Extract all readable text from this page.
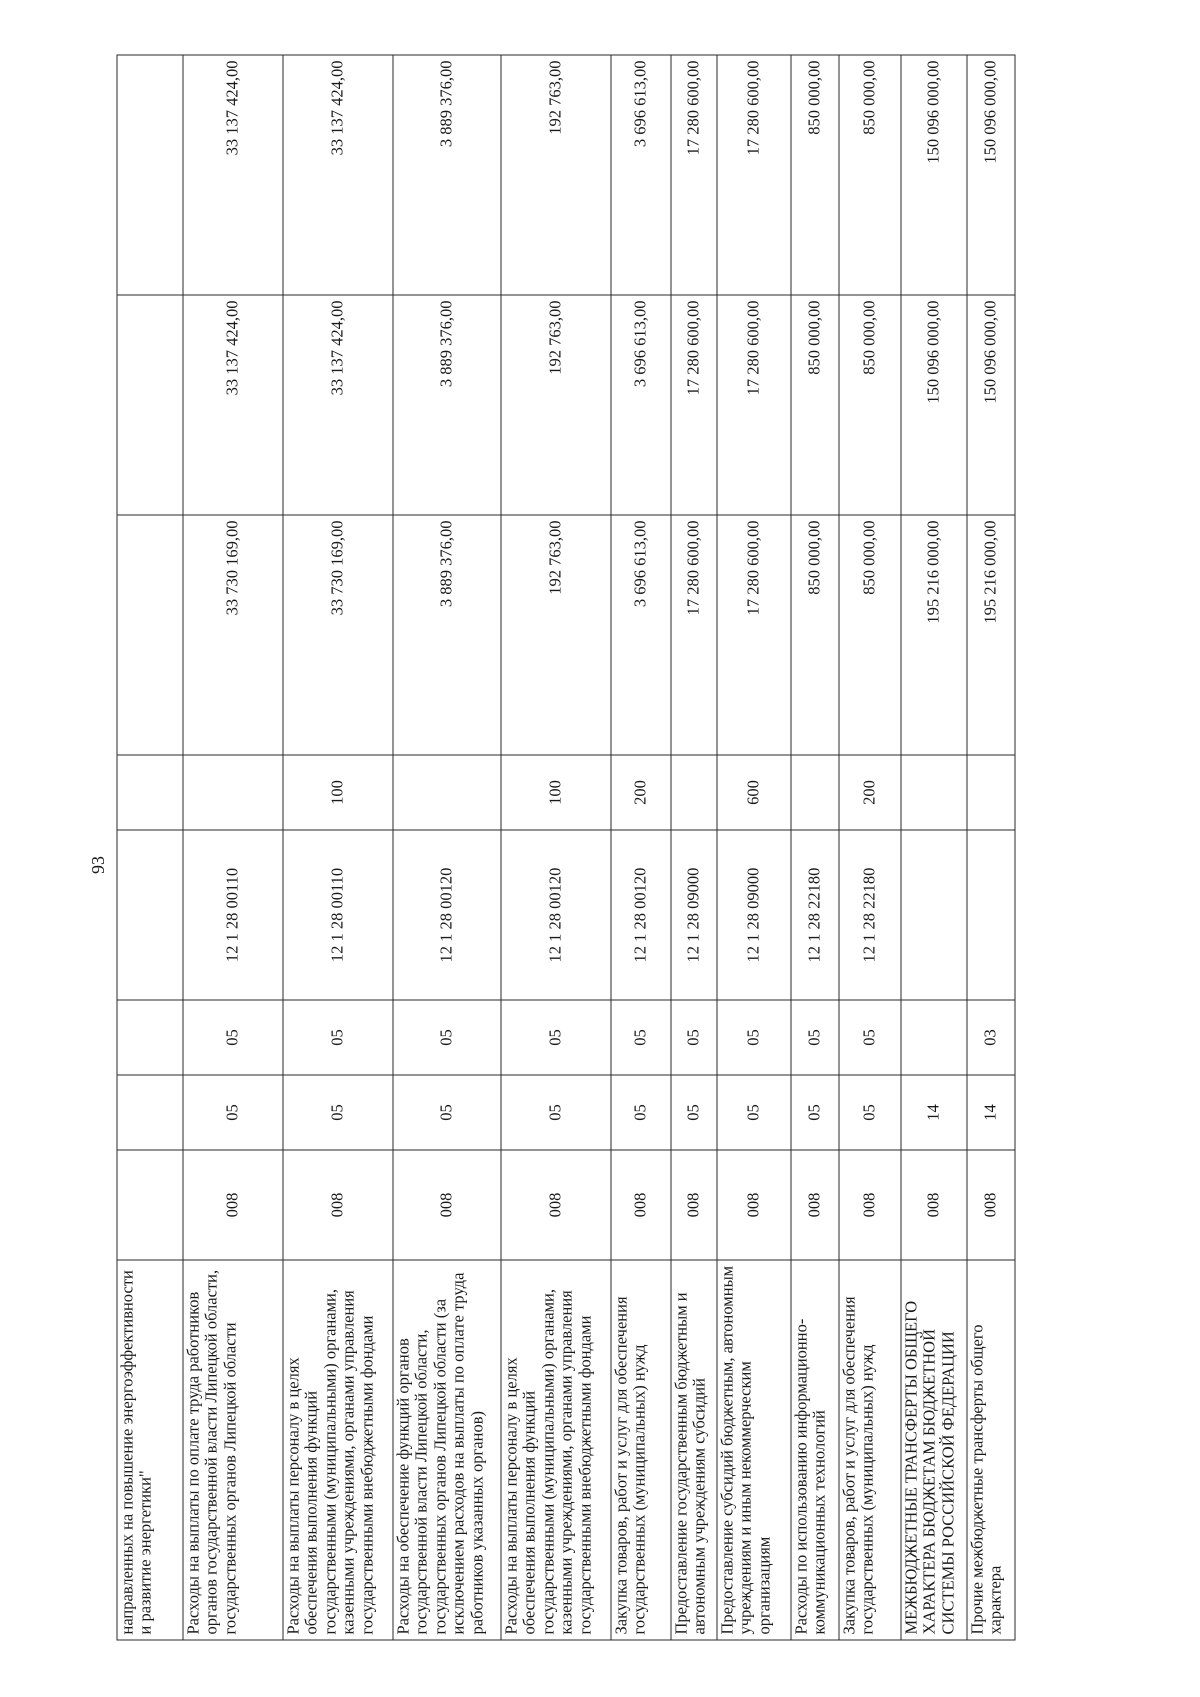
93
направленных на повышение энергоэффективности и развитие энергетики"								
Расходы на выплаты по оплате труда работников органов государственной власти Липецкой области, государственных органов Липецкой области	008	05	05	12 1 28 00110		33 730 169,00	33 137 424,00	33 137 424,00
Расходы на выплаты персоналу в целях обеспечения выполнения функций государственными (муниципальными) органами, казенными учреждениями, органами управления государственными внебюджетными фондами	008	05	05	12 1 28 00110	100	33 730 169,00	33 137 424,00	33 137 424,00
Расходы на обеспечение функций органов государственной власти Липецкой области, государственных органов Липецкой области (за исключением расходов на выплаты по оплате труда работников указанных органов)	008	05	05	12 1 28 00120		3 889 376,00	3 889 376,00	3 889 376,00
Расходы на выплаты персоналу в целях обеспечения выполнения функций государственными (муниципальными) органами, казенными учреждениями, органами управления государственными внебюджетными фондами	008	05	05	12 1 28 00120	100	192 763,00	192 763,00	192 763,00
Закупка товаров, работ и услуг для обеспечения государственных (муниципальных) нужд	008	05	05	12 1 28 00120	200	3 696 613,00	3 696 613,00	3 696 613,00
Предоставление государственным бюджетным и автономным учреждениям субсидий	008	05	05	12 1 28 09000		17 280 600,00	17 280 600,00	17 280 600,00
Предоставление субсидий бюджетным, автономным учреждениям и иным некоммерческим организациям	008	05	05	12 1 28 09000	600	17 280 600,00	17 280 600,00	17 280 600,00
Расходы по использованию информационно-коммуникационных технологий	008	05	05	12 1 28 22180		850 000,00	850 000,00	850 000,00
Закупка товаров, работ и услуг для обеспечения государственных (муниципальных) нужд	008	05	05	12 1 28 22180	200	850 000,00	850 000,00	850 000,00
МЕЖБЮДЖЕТНЫЕ ТРАНСФЕРТЫ ОБЩЕГО ХАРАКТЕРА БЮДЖЕТАМ БЮДЖЕТНОЙ СИСТЕМЫ РОССИЙСКОЙ ФЕДЕРАЦИИ	008	14				195 216 000,00	150 096 000,00	150 096 000,00
Прочие межбюджетные трансферты общего характера	008	14	03			195 216 000,00	150 096 000,00	150 096 000,00
